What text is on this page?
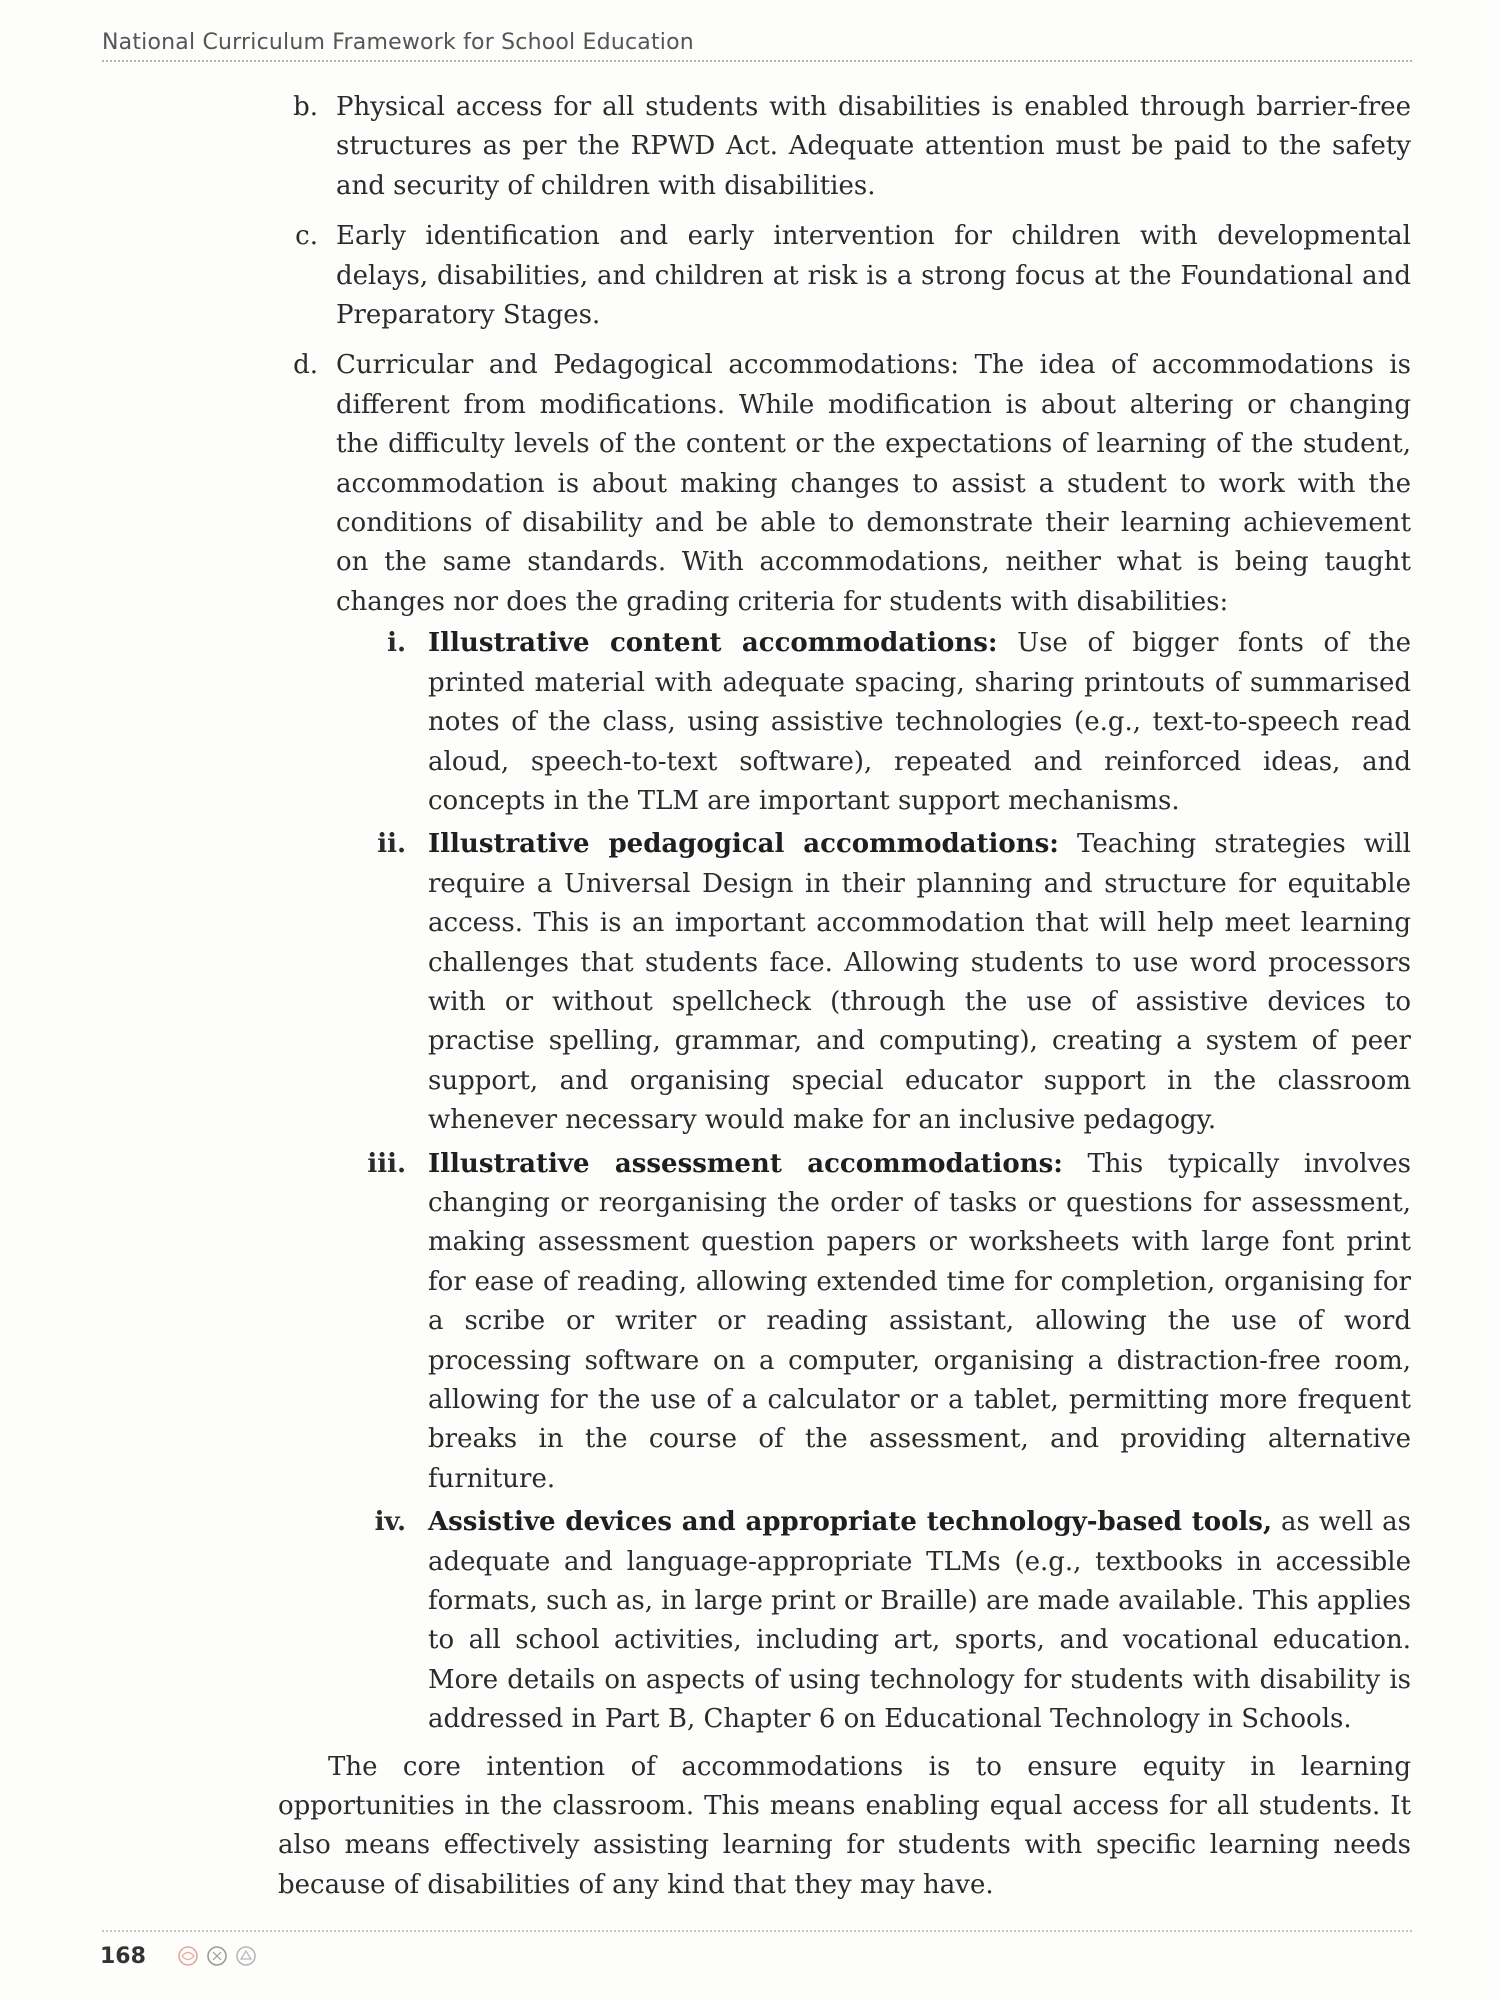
National Curriculum Framework for School Education
b. Physical access for all students with disabilities is enabled through barrier-free structures as per the RPWD Act. Adequate attention must be paid to the safety and security of children with disabilities.
c. Early identification and early intervention for children with developmental delays, disabilities, and children at risk is a strong focus at the Foundational and Preparatory Stages.
d. Curricular and Pedagogical accommodations: The idea of accommodations is different from modifications. While modification is about altering or changing the difficulty levels of the content or the expectations of learning of the student, accommodation is about making changes to assist a student to work with the conditions of disability and be able to demonstrate their learning achievement on the same standards. With accommodations, neither what is being taught changes nor does the grading criteria for students with disabilities:
i. Illustrative content accommodations: Use of bigger fonts of the printed material with adequate spacing, sharing printouts of summarised notes of the class, using assistive technologies (e.g., text-to-speech read aloud, speech-to-text software), repeated and reinforced ideas, and concepts in the TLM are important support mechanisms.
ii. Illustrative pedagogical accommodations: Teaching strategies will require a Universal Design in their planning and structure for equitable access. This is an important accommodation that will help meet learning challenges that students face. Allowing students to use word processors with or without spellcheck (through the use of assistive devices to practise spelling, grammar, and computing), creating a system of peer support, and organising special educator support in the classroom whenever necessary would make for an inclusive pedagogy.
iii. Illustrative assessment accommodations: This typically involves changing or reorganising the order of tasks or questions for assessment, making assessment question papers or worksheets with large font print for ease of reading, allowing extended time for completion, organising for a scribe or writer or reading assistant, allowing the use of word processing software on a computer, organising a distraction-free room, allowing for the use of a calculator or a tablet, permitting more frequent breaks in the course of the assessment, and providing alternative furniture.
iv. Assistive devices and appropriate technology-based tools, as well as adequate and language-appropriate TLMs (e.g., textbooks in accessible formats, such as, in large print or Braille) are made available. This applies to all school activities, including art, sports, and vocational education. More details on aspects of using technology for students with disability is addressed in Part B, Chapter 6 on Educational Technology in Schools.
The core intention of accommodations is to ensure equity in learning opportunities in the classroom. This means enabling equal access for all students. It also means effectively assisting learning for students with specific learning needs because of disabilities of any kind that they may have.
168
